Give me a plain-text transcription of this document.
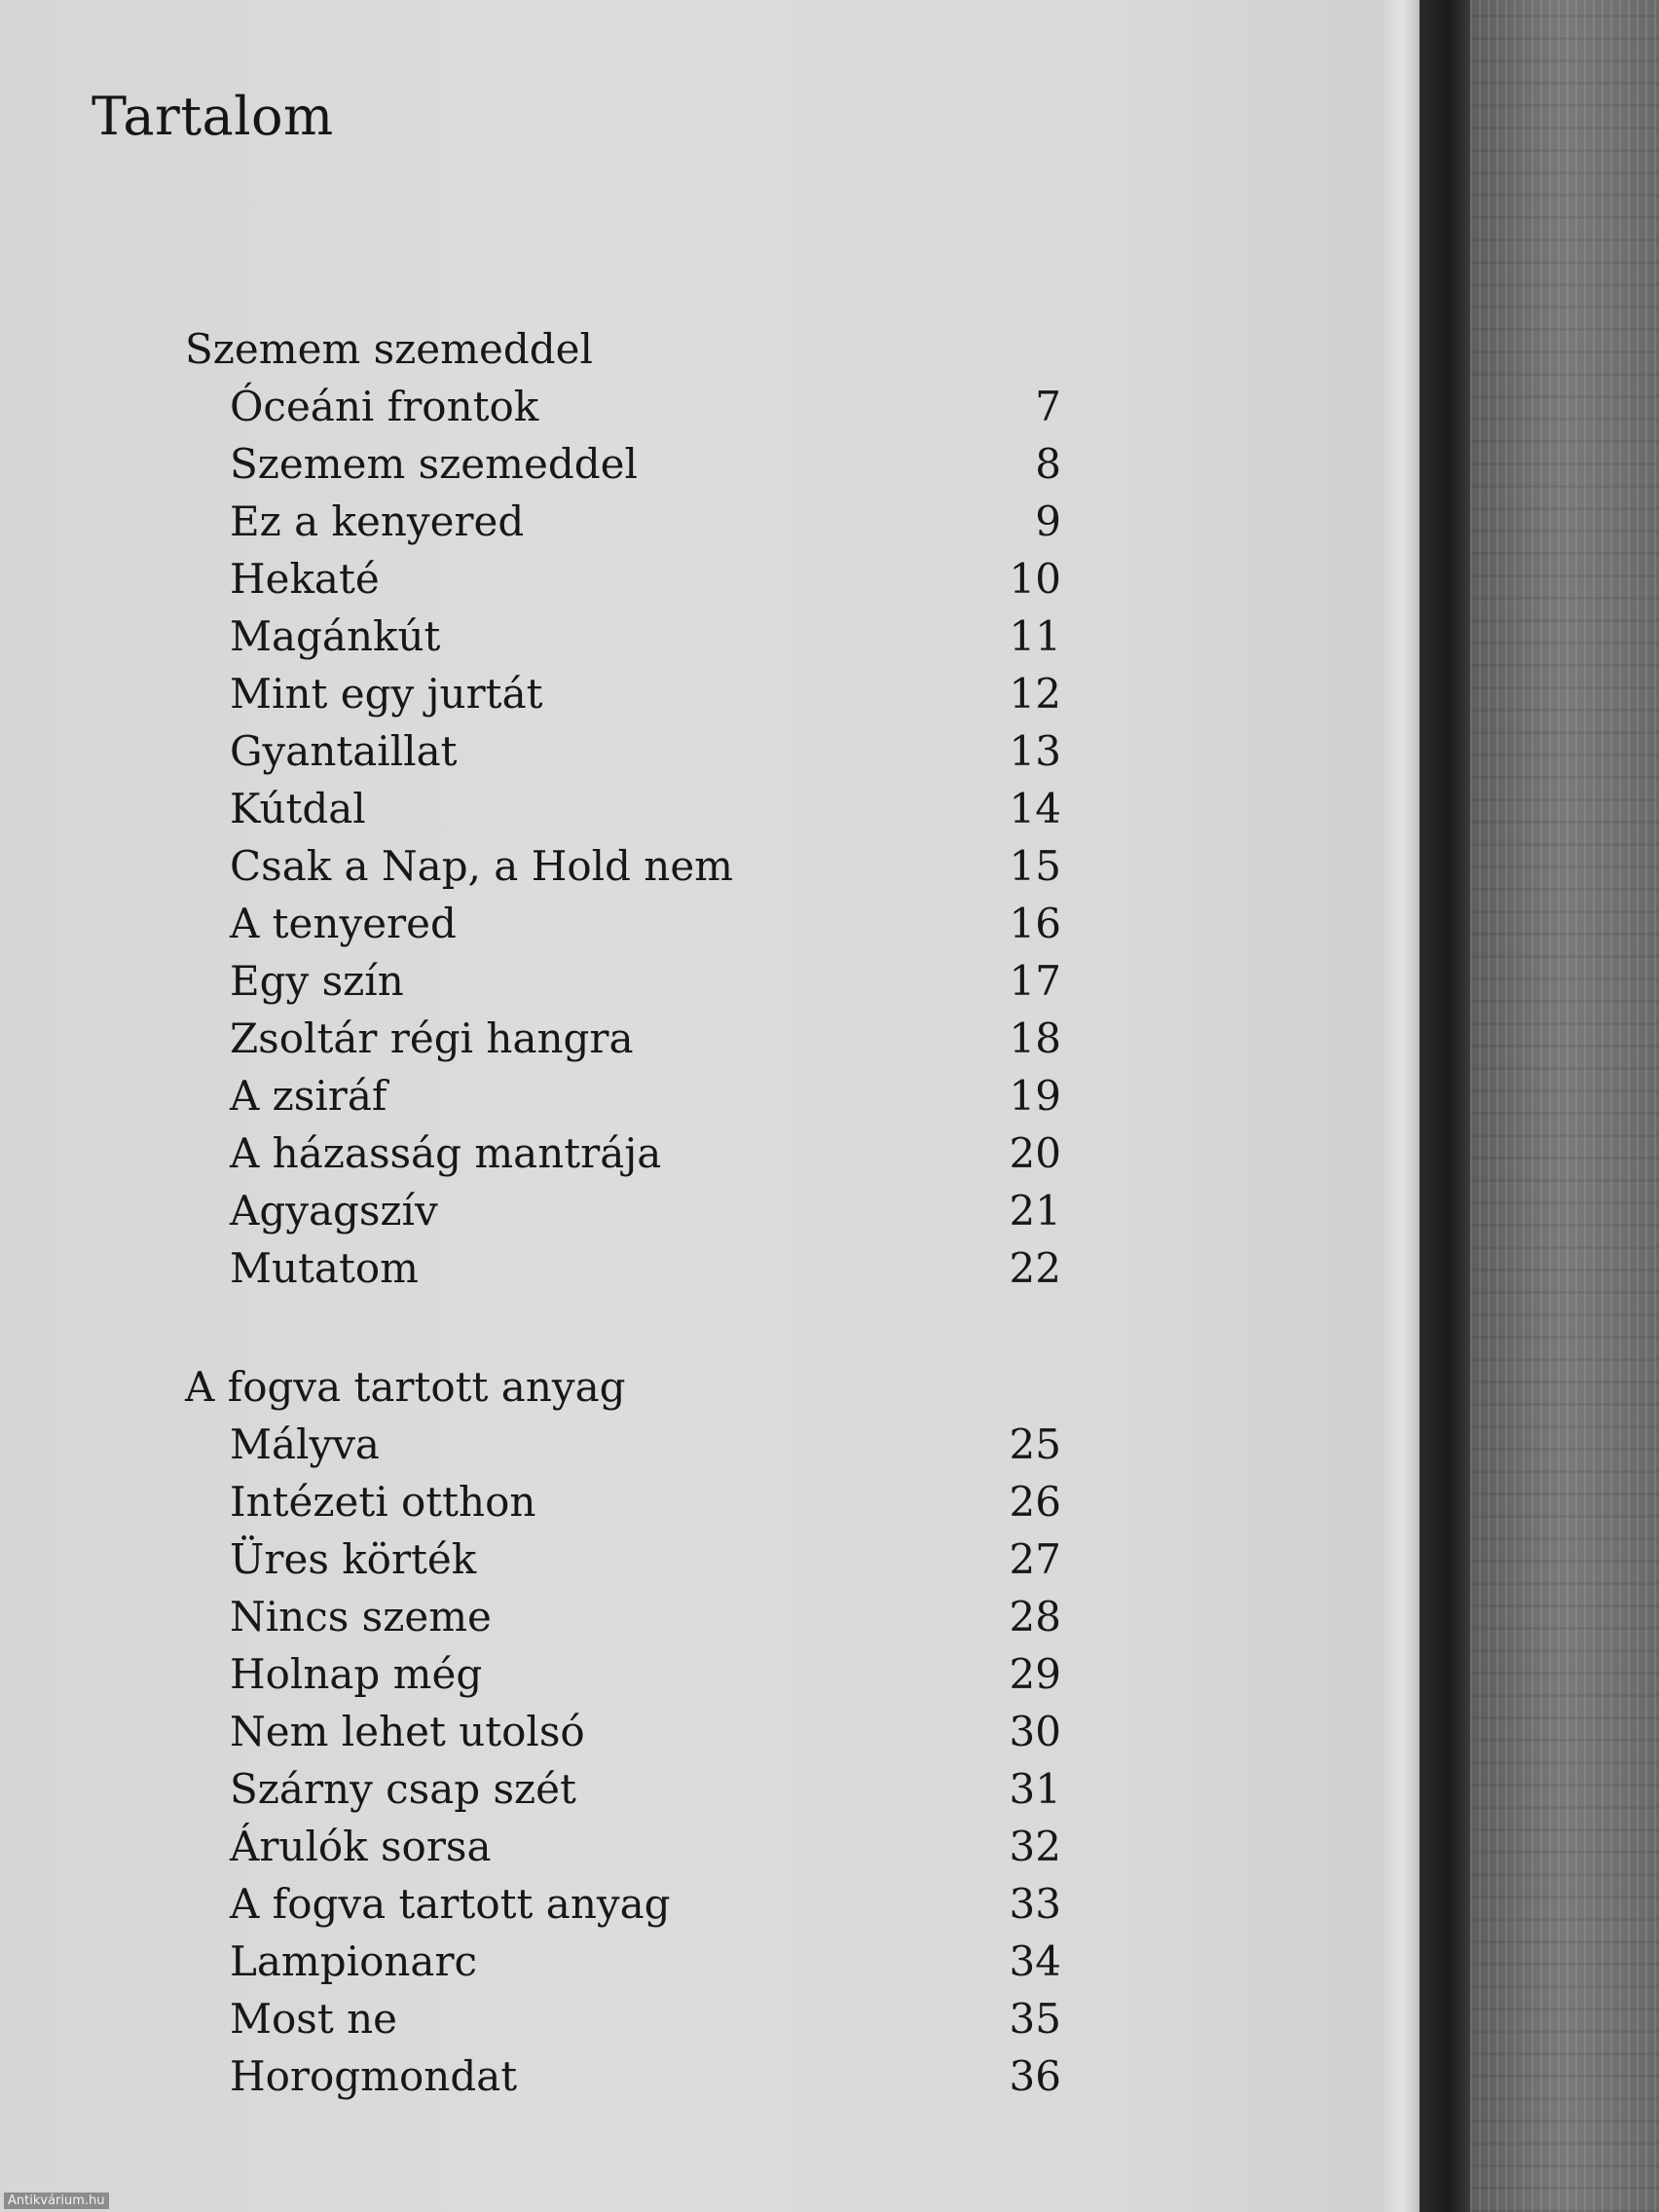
Tartalom
Szemem szemeddel
Óceáni frontok	7
Szemem szemeddel	8
Ez a kenyered	9
Hekaté	10
Magánkút	11
Mint egy jurtát	12
Gyantaillat	13
Kútdal	14
Csak a Nap, a Hold nem	15
A tenyered	16
Egy szín	17
Zsoltár régi hangra	18
A zsiráf	19
A házasság mantrája	20
Agyagszív	21
Mutatom	22
A fogva tartott anyag
Mályva	25
Intézeti otthon	26
Üres körték	27
Nincs szeme	28
Holnap még	29
Nem lehet utolsó	30
Szárny csap szét	31
Árulók sorsa	32
A fogva tartott anyag	33
Lampionarc	34
Most ne	35
Horogmondat	36
Antikvárium.hu
